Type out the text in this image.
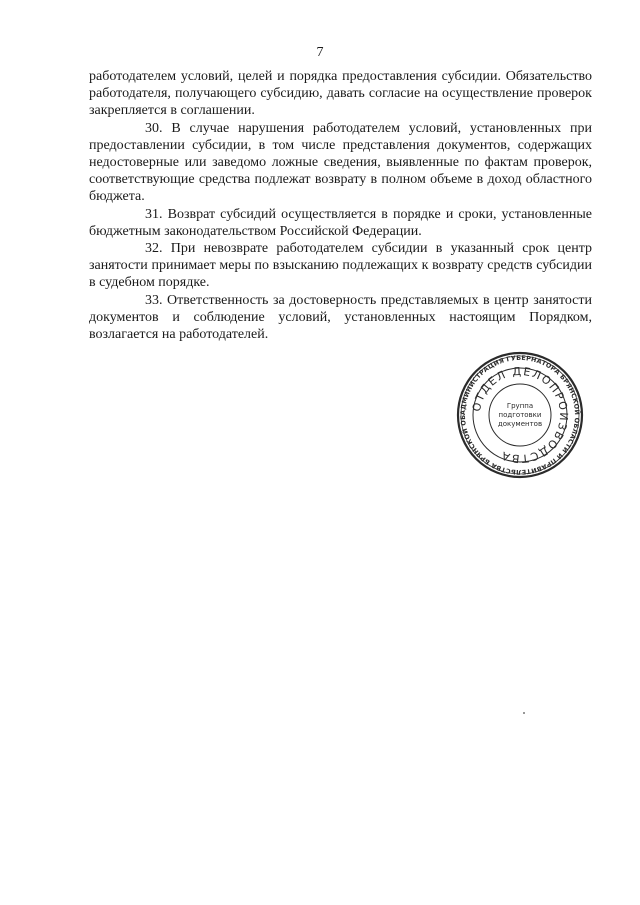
7

работодателем условий, целей и порядка предоставления субсидии. Обязательство работодателя, получающего субсидию, давать согласие на осуществление проверок закрепляется в соглашении.

30. В случае нарушения работодателем условий, установленных при предоставлении субсидии, в том числе представления документов, содержащих недостоверные или заведомо ложные сведения, выявленные по фактам проверок, соответствующие средства подлежат возврату в полном объеме в доход областного бюджета.

31. Возврат субсидий осуществляется в порядке и сроки, установленные бюджетным законодательством Российской Федерации.

32. При невозврате работодателем субсидии в указанный срок центр занятости принимает меры по взысканию подлежащих к возврату средств субсидии в судебном порядке.

33. Ответственность за достоверность представляемых в центр занятости документов и соблюдение условий, установленных настоящим Порядком, возлагается на работодателей.

АДМИНИСТРАЦИЯ ГУБЕРНАТОРА БРЯНСКОЙ ОБЛАСТИ И ПРАВИТЕЛЬСТВА БРЯНСКОЙ ОБ
ОТДЕЛ ДЕЛОПРОИЗВОДСТВА
Группа
подготовки
документов
